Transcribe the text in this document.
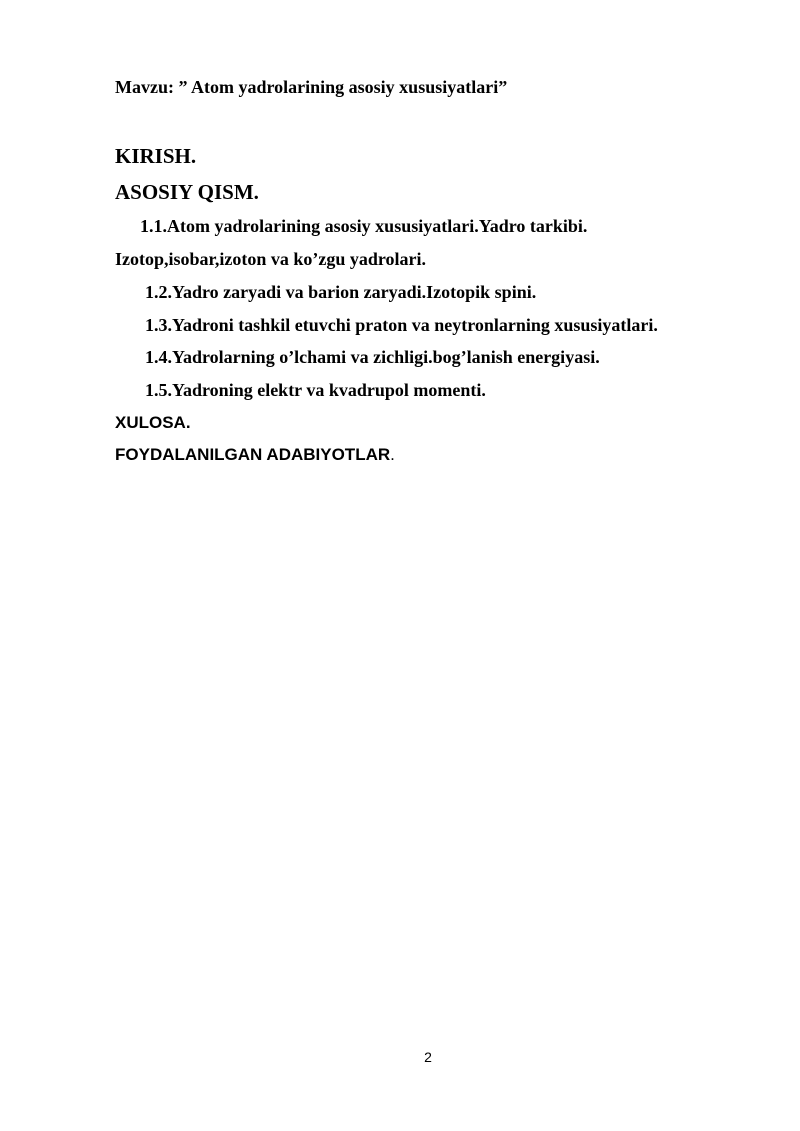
Mavzu: ” Atom yadrolarining asosiy xususiyatlari”
KIRISH.
ASOSIY QISM.
1.1.Atom yadrolarining asosiy xususiyatlari.Yadro tarkibi.
Izotop,isobar,izoton va ko’zgu yadrolari.
1.2.Yadro zaryadi va barion zaryadi.Izotopik spini.
1.3.Yadroni tashkil etuvchi praton va neytronlarning xususiyatlari.
1.4.Yadrolarning o’lchami va zichligi.bog’lanish energiyasi.
1.5.Yadroning elektr va kvadrupol momenti.
XULOSA.
FOYDALANILGAN ADABIYOTLAR.
2
